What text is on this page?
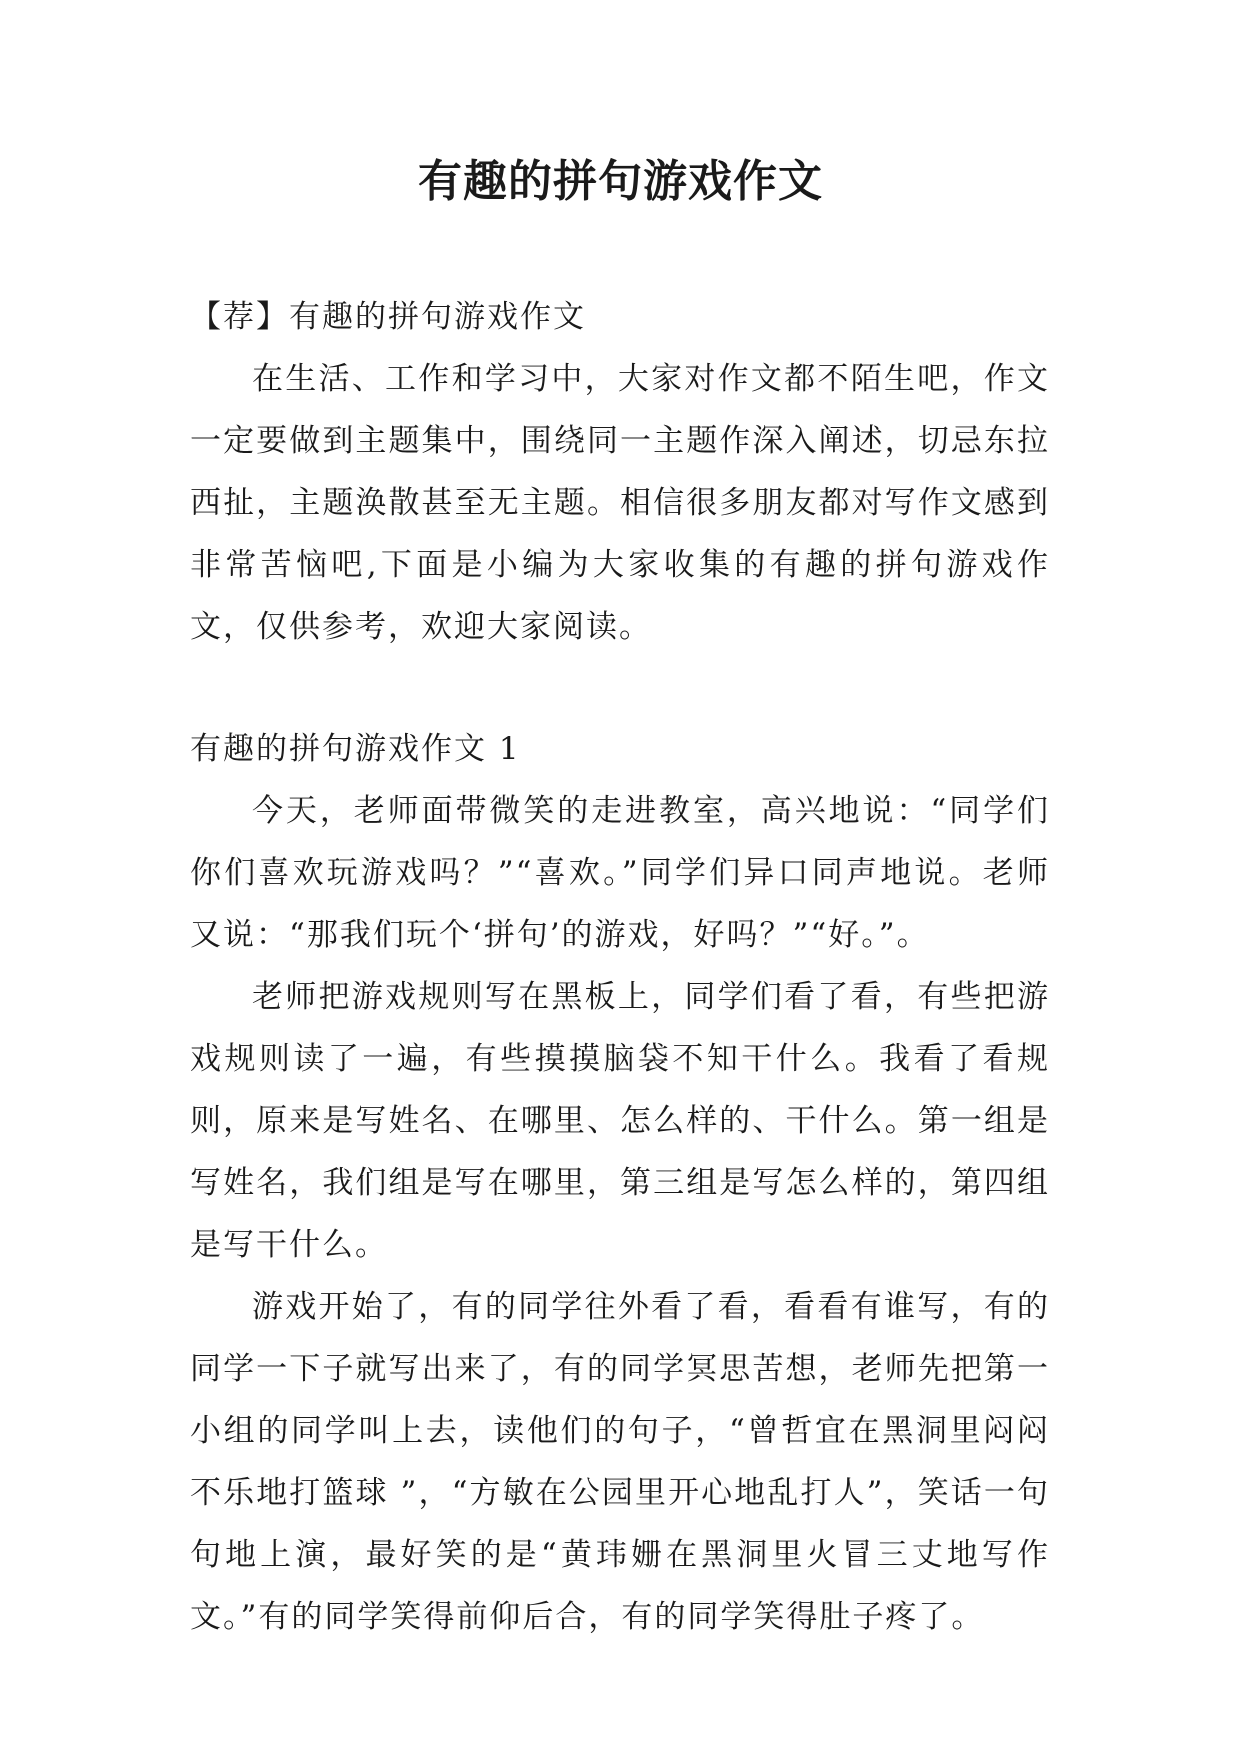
有趣的拼句游戏作文

【荐】有趣的拼句游戏作文

在生活、工作和学习中，大家对作文都不陌生吧，作文一定要做到主题集中，围绕同一主题作深入阐述，切忌东拉西扯，主题涣散甚至无主题。相信很多朋友都对写作文感到非常苦恼吧,下面是小编为大家收集的有趣的拼句游戏作文，仅供参考，欢迎大家阅读。

有趣的拼句游戏作文 1

今天，老师面带微笑的走进教室，高兴地说：“同学们你们喜欢玩游戏吗？”“喜欢。”同学们异口同声地说。老师又说：“那我们玩个‘拼句’的游戏，好吗？”“好。”。

老师把游戏规则写在黑板上，同学们看了看，有些把游戏规则读了一遍，有些摸摸脑袋不知干什么。我看了看规则，原来是写姓名、在哪里、怎么样的、干什么。第一组是写姓名，我们组是写在哪里，第三组是写怎么样的，第四组是写干什么。

游戏开始了，有的同学往外看了看，看看有谁写，有的同学一下子就写出来了，有的同学冥思苦想，老师先把第一小组的同学叫上去，读他们的句子，“曾哲宜在黑洞里闷闷不乐地打篮球 ”，“方敏在公园里开心地乱打人”，笑话一句句地上演，最好笑的是“黄玮姗在黑洞里火冒三丈地写作文。”有的同学笑得前仰后合，有的同学笑得肚子疼了。
